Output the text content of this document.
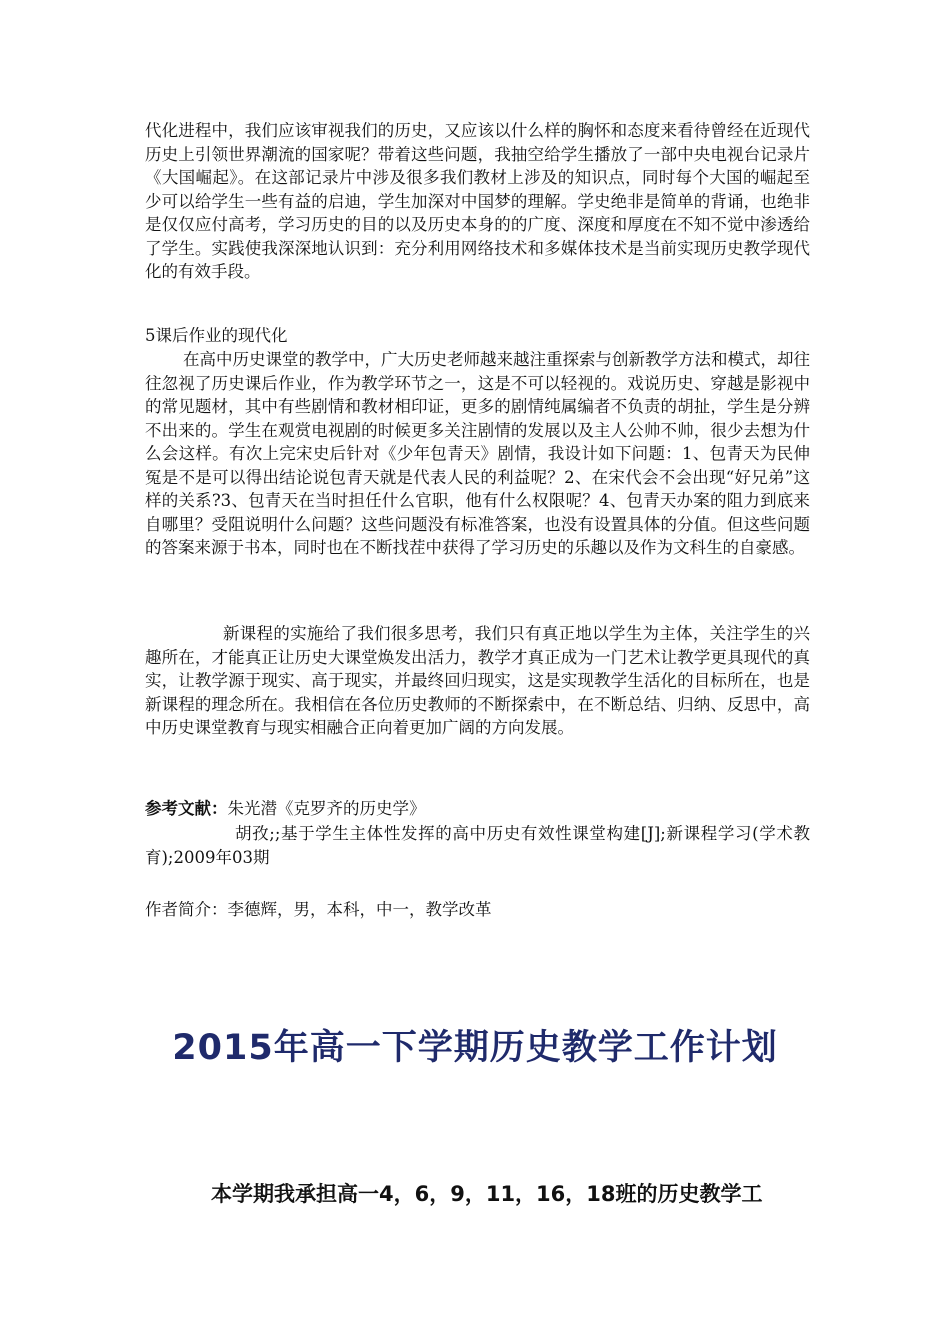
代化进程中，我们应该审视我们的历史，又应该以什么样的胸怀和态度来看待曾经在近现代历史上引领世界潮流的国家呢？带着这些问题，我抽空给学生播放了一部中央电视台记录片《大国崛起》。在这部记录片中涉及很多我们教材上涉及的知识点，同时每个大国的崛起至少可以给学生一些有益的启迪，学生加深对中国梦的理解。学史绝非是简单的背诵，也绝非是仅仅应付高考，学习历史的目的以及历史本身的的广度、深度和厚度在不知不觉中渗透给了学生。实践使我深深地认识到：充分利用网络技术和多媒体技术是当前实现历史教学现代化的有效手段。

5课后作业的现代化

在高中历史课堂的教学中，广大历史老师越来越注重探索与创新教学方法和模式，却往往忽视了历史课后作业，作为教学环节之一，这是不可以轻视的。戏说历史、穿越是影视中的常见题材，其中有些剧情和教材相印证，更多的剧情纯属编者不负责的胡扯，学生是分辨不出来的。学生在观赏电视剧的时候更多关注剧情的发展以及主人公帅不帅，很少去想为什么会这样。有次上完宋史后针对《少年包青天》剧情，我设计如下问题：1、包青天为民伸冤是不是可以得出结论说包青天就是代表人民的利益呢？2、在宋代会不会出现“好兄弟”这样的关系?3、包青天在当时担任什么官职，他有什么权限呢？4、包青天办案的阻力到底来自哪里？受阻说明什么问题？这些问题没有标准答案，也没有设置具体的分值。但这些问题的答案来源于书本，同时也在不断找茬中获得了学习历史的乐趣以及作为文科生的自豪感。

新课程的实施给了我们很多思考，我们只有真正地以学生为主体，关注学生的兴趣所在，才能真正让历史大课堂焕发出活力，教学才真正成为一门艺术让教学更具现代的真实，让教学源于现实、高于现实，并最终回归现实，这是实现教学生活化的目标所在，也是新课程的理念所在。我相信在各位历史教师的不断探索中，在不断总结、归纳、反思中，高中历史课堂教育与现实相融合正向着更加广阔的方向发展。

参考文献：朱光潜《克罗齐的历史学》

胡孜;;基于学生主体性发挥的高中历史有效性课堂构建[J];新课程学习(学术教育);2009年03期

作者简介：李德辉，男，本科，中一，教学改革

2015年高一下学期历史教学工作计划

本学期我承担高一4，6，9，11，16，18班的历史教学工
